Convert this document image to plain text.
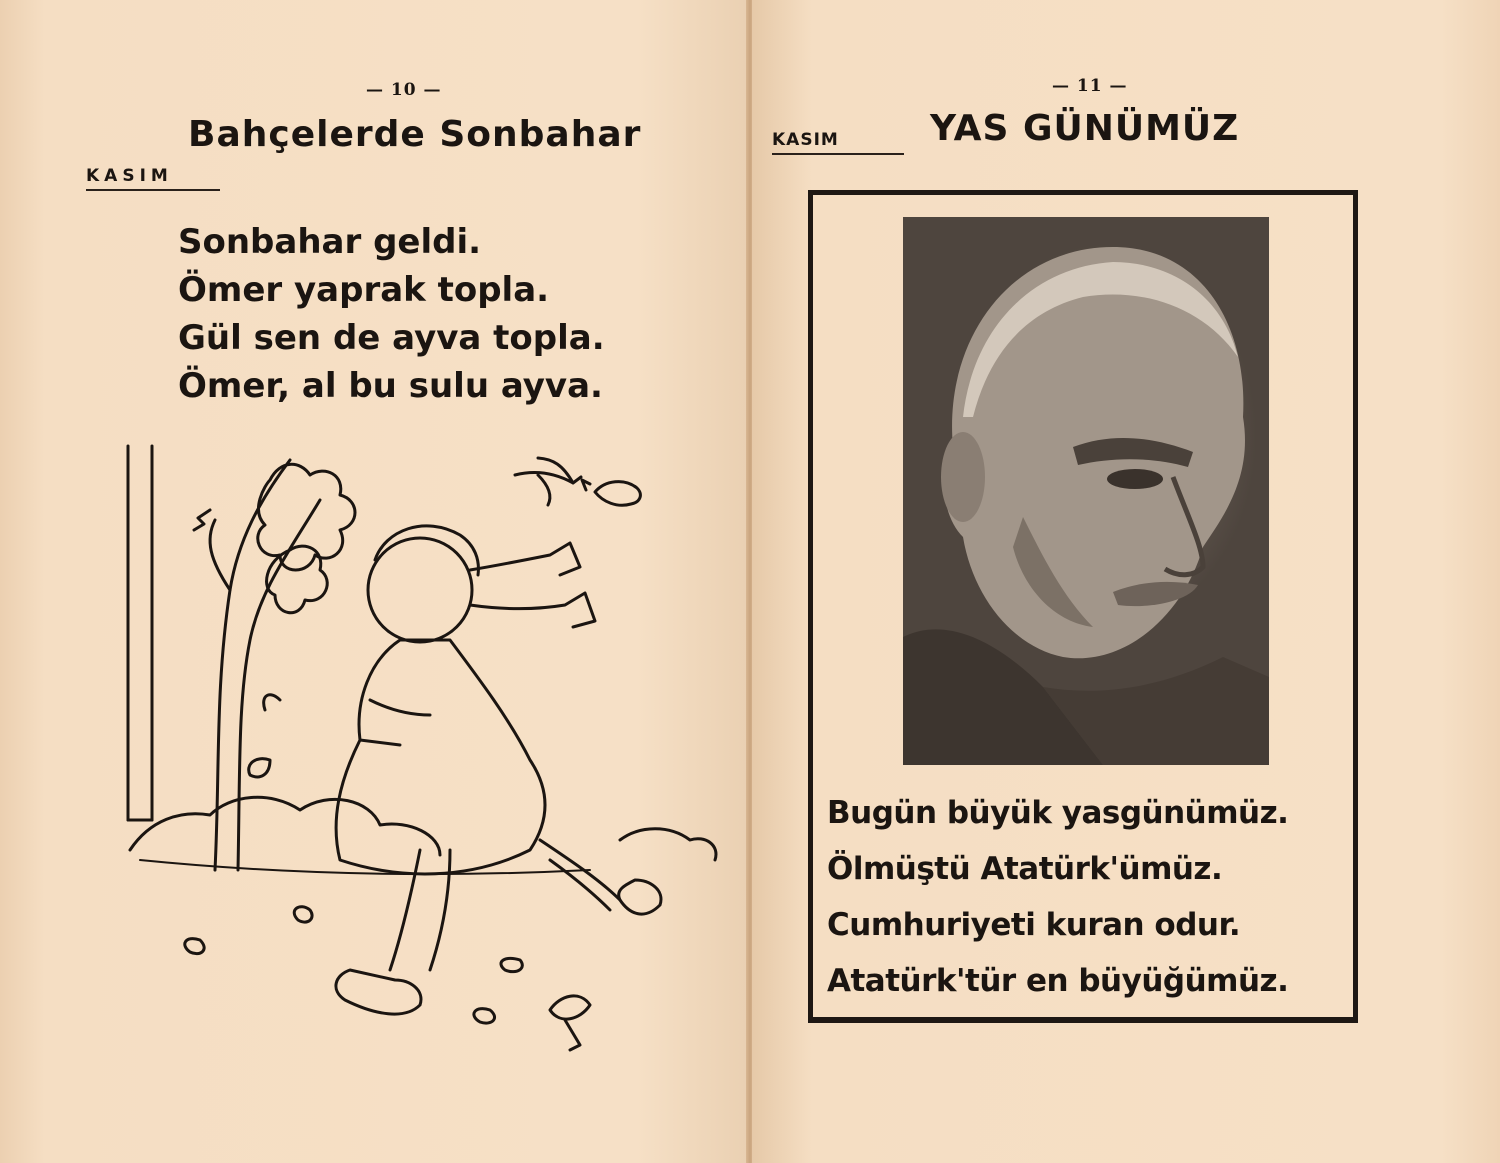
— 10 —
Bahçelerde Sonbahar
KASIM
Sonbahar geldi.
Ömer yaprak topla.
Gül sen de ayva topla.
Ömer, al bu sulu ayva.
— 11 —
KASIM	YAS GÜNÜMÜZ
Bugün büyük yasgünümüz.
Ölmüştü Atatürk'ümüz.
Cumhuriyeti kuran odur.
Atatürk'tür en büyüğümüz.
